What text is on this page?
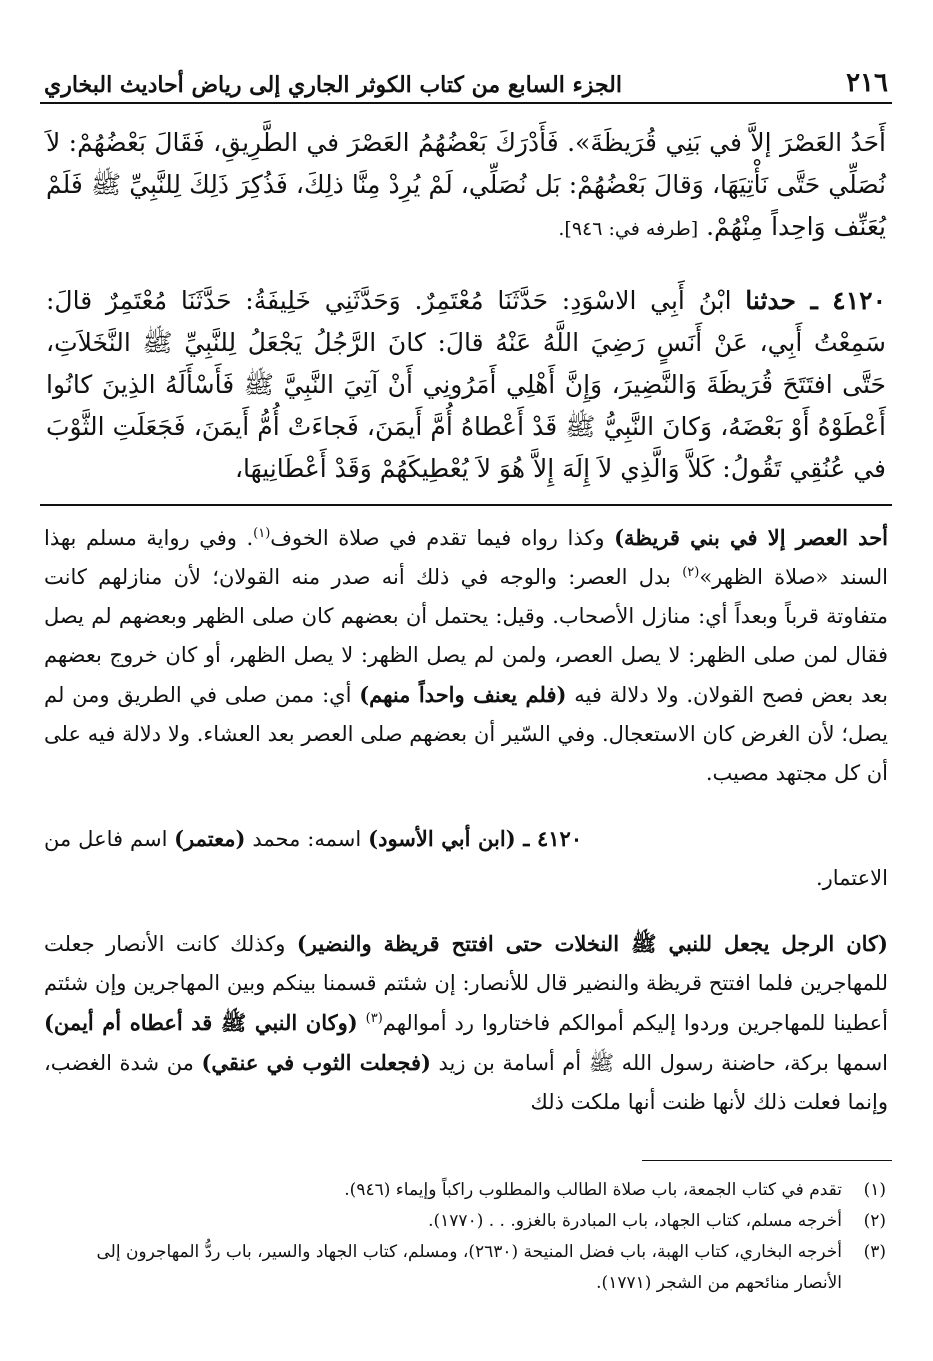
٢١٦
الجزء السابع من كتاب الكوثر الجاري إلى رياض أحاديث البخاري

أَحَدُ العَصْرَ إلاَّ في بَنِي قُرَيظَةَ». فَأَدْرَكَ بَعْضُهُمُ العَصْرَ في الطَّرِيقِ، فَقَالَ بَعْضُهُمْ: لاَ نُصَلِّي حَتَّى نَأْتِيَهَا، وَقالَ بَعْضُهُمْ: بَل نُصَلِّي، لَمْ يُرِدْ مِنَّا ذلِكَ، فَذُكِرَ ذَلِكَ لِلنَّبِيِّ ﷺ فَلَمْ يُعَنِّف وَاحِداً مِنْهُمْ. [طرفه في: ٩٤٦].

٤١٢٠ ـ حدثنا ابْنُ أَبِي الاسْوَدِ: حَدَّثَنَا مُعْتَمِرٌ. وَحَدَّثَنِي خَلِيفَةُ: حَدَّثَنَا مُعْتَمِرٌ قالَ: سَمِعْتُ أَبِي، عَنْ أَنَسٍ رَضِيَ اللَّهُ عَنْهُ قالَ: كانَ الرَّجُلُ يَجْعَلُ لِلنَّبِيِّ ﷺ النَّخَلاَتِ، حَتَّى افتَتَحَ قُرَيظَةَ وَالنَّضِيرَ، وَإِنَّ أَهْلِي أَمَرُونِي أَنْ آتِيَ النَّبِيَّ ﷺ فَأَسْأَلَهُ الذِينَ كانُوا أَعْطَوْهُ أَوْ بَعْضَهُ، وَكانَ النَّبِيُّ ﷺ قَدْ أَعْطاهُ أُمَّ أَيمَنَ، فَجاءَتْ أُمُّ أَيمَنَ، فَجَعَلَتِ الثَّوْبَ في عُنُقِي تَقُولُ: كَلاَّ وَالَّذِي لاَ إِلَهَ إِلاَّ هُوَ لاَ يُعْطِيكَهُمْ وَقَدْ أَعْطَانِيهَا،

أحد العصر إلا في بني قريظة) وكذا رواه فيما تقدم في صلاة الخوف$^{(١)}$. وفي رواية مسلم بهذا السند «صلاة الظهر»$^{(٢)}$ بدل العصر: والوجه في ذلك أنه صدر منه القولان؛ لأن منازلهم كانت متفاوتة قرباً وبعداً أي: منازل الأصحاب. وقيل: يحتمل أن بعضهم كان صلى الظهر وبعضهم لم يصل فقال لمن صلى الظهر: لا يصل العصر، ولمن لم يصل الظهر: لا يصل الظهر، أو كان خروج بعضهم بعد بعض فصح القولان. ولا دلالة فيه (فلم يعنف واحداً منهم) أي: ممن صلى في الطريق ومن لم يصل؛ لأن الغرض كان الاستعجال. وفي السّير أن بعضهم صلى العصر بعد العشاء. ولا دلالة فيه على أن كل مجتهد مصيب.

٤١٢٠ ـ (ابن أبي الأسود) اسمه: محمد (معتمر) اسم فاعل من الاعتمار.

(كان الرجل يجعل للنبي ﷺ النخلات حتى افتتح قريظة والنضير) وكذلك كانت الأنصار جعلت للمهاجرين فلما افتتح قريظة والنضير قال للأنصار: إن شئتم قسمنا بينكم وبين المهاجرين وإن شئتم أعطينا للمهاجرين وردوا إليكم أموالكم فاختاروا رد أموالهم$^{(٣)}$ (وكان النبي ﷺ قد أعطاه أم أيمن) اسمها بركة، حاضنة رسول الله ﷺ أم أسامة بن زيد (فجعلت الثوب في عنقي) من شدة الغضب، وإنما فعلت ذلك لأنها ظنت أنها ملكت ذلك

(١)
تقدم في كتاب الجمعة، باب صلاة الطالب والمطلوب راكباً وإيماء (٩٤٦).
(٢)
أخرجه مسلم، كتاب الجهاد، باب المبادرة بالغزو. . . (١٧٧٠).
(٣)
أخرجه البخاري، كتاب الهبة، باب فضل المنيحة (٢٦٣٠)، ومسلم، كتاب الجهاد والسير، باب ردُّ المهاجرون إلى الأنصار منائحهم من الشجر (١٧٧١).
